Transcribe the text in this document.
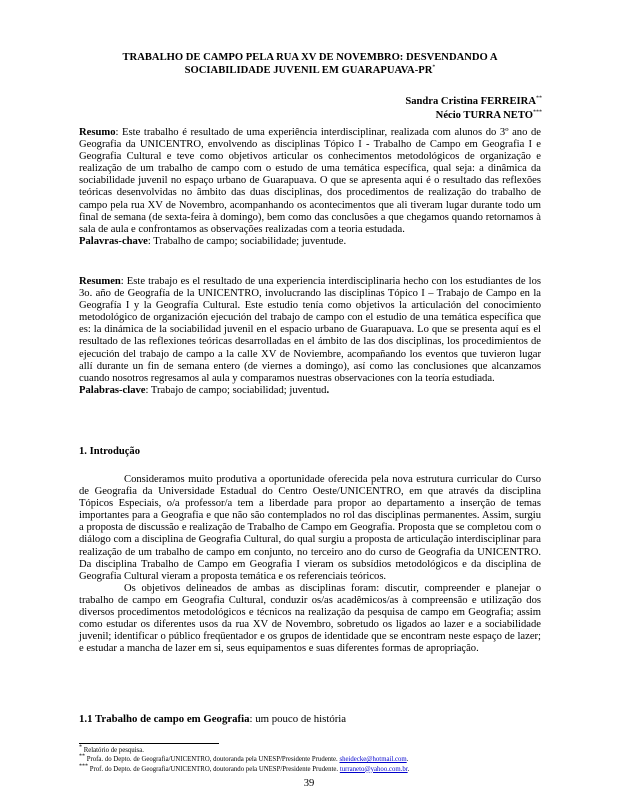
TRABALHO DE CAMPO PELA RUA XV DE NOVEMBRO: DESVENDANDO A
SOCIABILIDADE JUVENIL EM GUARAPUAVA-PR*
Sandra Cristina FERREIRA**
Nécio TURRA NETO***
Resumo: Este trabalho é resultado de uma experiência interdisciplinar, realizada com alunos do 3º ano de Geografia da UNICENTRO, envolvendo as disciplinas Tópico I - Trabalho de Campo em Geografia I e Geografia Cultural e teve como objetivos articular os conhecimentos metodológicos de organização e realização de um trabalho de campo com o estudo de uma temática específica, qual seja: a dinâmica da sociabilidade juvenil no espaço urbano de Guarapuava. O que se apresenta aqui é o resultado das reflexões teóricas desenvolvidas no âmbito das duas disciplinas, dos procedimentos de realização do trabalho de campo pela rua XV de Novembro, acompanhando os acontecimentos que ali tiveram lugar durante todo um final de semana (de sexta-feira à domingo), bem como das conclusões a que chegamos quando retornamos à sala de aula e confrontamos as observações realizadas com a teoria estudada.
Palavras-chave: Trabalho de campo; sociabilidade; juventude.
Resumen: Este trabajo es el resultado de una experiencia interdisciplinaria hecho con los estudiantes de los 3o. año de Geografía de la UNICENTRO, involucrando las disciplinas Tópico I – Trabajo de Campo en la Geografía I y la Geografía Cultural. Este estudio tenía como objetivos la articulación del conocimiento metodológico de organización ejecución del trabajo de campo con el estudio de una temática específica que es: la dinámica de la sociabilidad juvenil en el espacio urbano de Guarapuava. Lo que se presenta aquí es el resultado de las reflexiones teóricas desarrolladas en el ámbito de las dos disciplinas, los procedimientos de ejecución del trabajo de campo a la calle XV de Noviembre, acompañando los eventos que tuvieron lugar allí durante un fin de semana entero (de viernes a domingo), así como las conclusiones que alcanzamos cuando nosotros regresamos al aula y comparamos nuestras observaciones con la teoría estudiada.
Palabras-clave: Trabajo de campo; sociabilidad; juventud.
1. Introdução

Consideramos muito produtiva a oportunidade oferecida pela nova estrutura curricular do Curso de Geografia da Universidade Estadual do Centro Oeste/UNICENTRO, em que através da disciplina Tópicos Especiais, o/a professor/a tem a liberdade para propor ao departamento a inserção de temas importantes para a Geografia e que não são contemplados no rol das disciplinas permanentes. Assim, surgiu a proposta de discussão e realização de Trabalho de Campo em Geografia. Proposta que se completou com o diálogo com a disciplina de Geografia Cultural, do qual surgiu a proposta de articulação interdisciplinar para realização de um trabalho de campo em conjunto, no terceiro ano do curso de Geografia da UNICENTRO. Da disciplina Trabalho de Campo em Geografia I vieram os subsídios metodológicos e da disciplina de Geografia Cultural vieram a proposta temática e os referenciais teóricos.

Os objetivos delineados de ambas as disciplinas foram: discutir, compreender e planejar o trabalho de campo em Geografia Cultural, conduzir os/as acadêmicos/as à compreensão e utilização dos diversos procedimentos metodológicos e técnicos na realização da pesquisa de campo em Geografia; assim como estudar os diferentes usos da rua XV de Novembro, sobretudo os ligados ao lazer e a sociabilidade juvenil; identificar o público freqüentador e os grupos de identidade que se encontram neste espaço de lazer; e estudar a mancha de lazer em si, seus equipamentos e suas diferentes formas de apropriação.

1.1 Trabalho de campo em Geografia: um pouco de história
* Relatório de pesquisa.
** Profa. do Depto. de Geografia/UNICENTRO, doutoranda pela UNESP/Presidente Prudente. sheidecke@hotmail.com.
*** Prof. do Depto. de Geografia/UNICENTRO, doutorando pela UNESP/Presidente Prudente. turraneto@yahoo.com.br.
39
